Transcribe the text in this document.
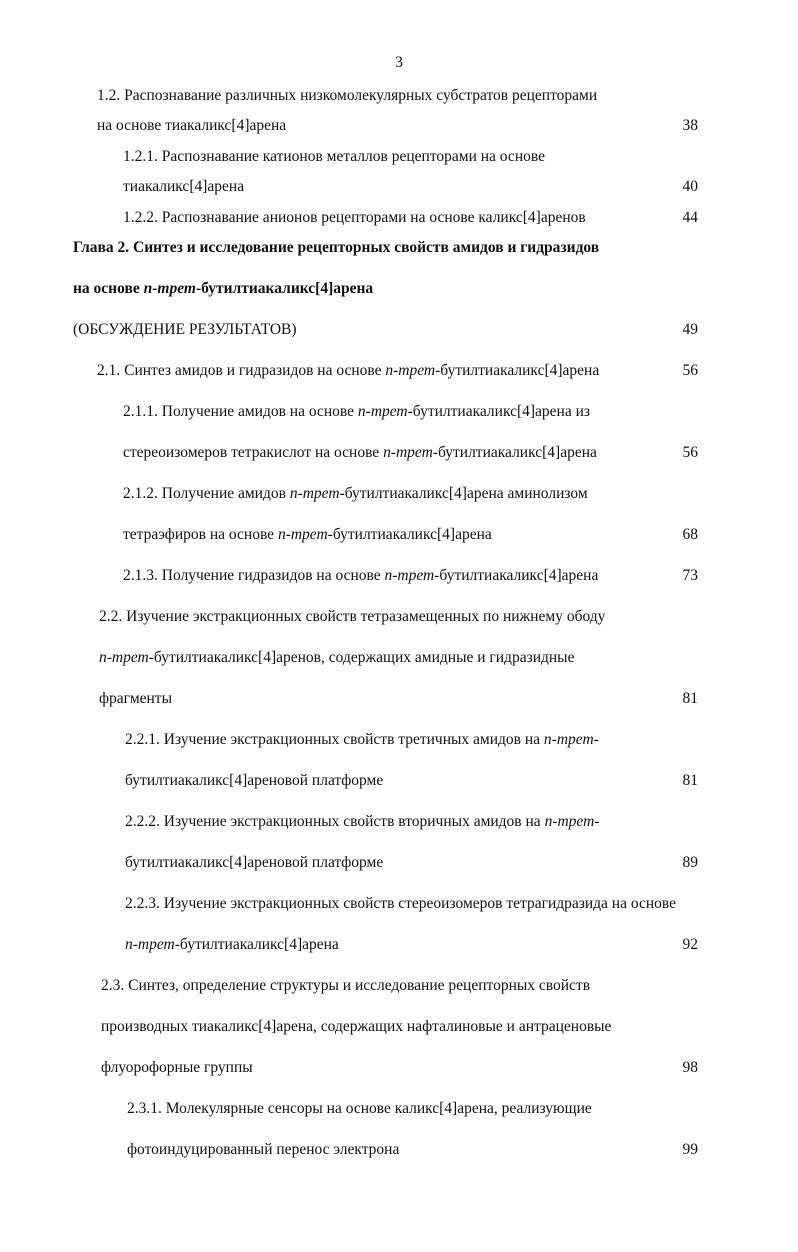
3
1.2. Распознавание различных низкомолекулярных субстратов рецепторами
на основе тиакаликс[4]арена	38
1.2.1. Распознавание катионов металлов рецепторами на основе
тиакаликс[4]арена	40
1.2.2. Распознавание анионов рецепторами на основе каликс[4]аренов	44
Глава 2. Синтез и исследование рецепторных свойств амидов и гидразидов
на основе п-трет-бутилтиакаликс[4]арена
(ОБСУЖДЕНИЕ РЕЗУЛЬТАТОВ)	49
2.1. Синтез амидов и гидразидов на основе п-трет-бутилтиакаликс[4]арена	56
2.1.1. Получение амидов на основе п-трет-бутилтиакаликс[4]арена из
стереоизомеров тетракислот на основе п-трет-бутилтиакаликс[4]арена	56
2.1.2. Получение амидов п-трет-бутилтиакаликс[4]арена аминолизом
тетраэфиров на основе п-трет-бутилтиакаликс[4]арена	68
2.1.3. Получение гидразидов на основе п-трет-бутилтиакаликс[4]арена	73
2.2. Изучение экстракционных свойств тетразамещенных по нижнему ободу
п-трет-бутилтиакаликс[4]аренов, содержащих амидные и гидразидные
фрагменты	81
2.2.1. Изучение экстракционных свойств третичных амидов на п-трет-
бутилтиакаликс[4]ареновой платформе	81
2.2.2. Изучение экстракционных свойств вторичных амидов на п-трет-
бутилтиакаликс[4]ареновой платформе	89
2.2.3. Изучение экстракционных свойств стереоизомеров тетрагидразида на основе
п-трет-бутилтиакаликс[4]арена	92
2.3. Синтез, определение структуры и исследование рецепторных свойств
производных тиакаликс[4]арена, содержащих нафталиновые и антраценовые
флуорофорные группы	98
2.3.1. Молекулярные сенсоры на основе каликс[4]арена, реализующие
фотоиндуцированный перенос электрона	99
